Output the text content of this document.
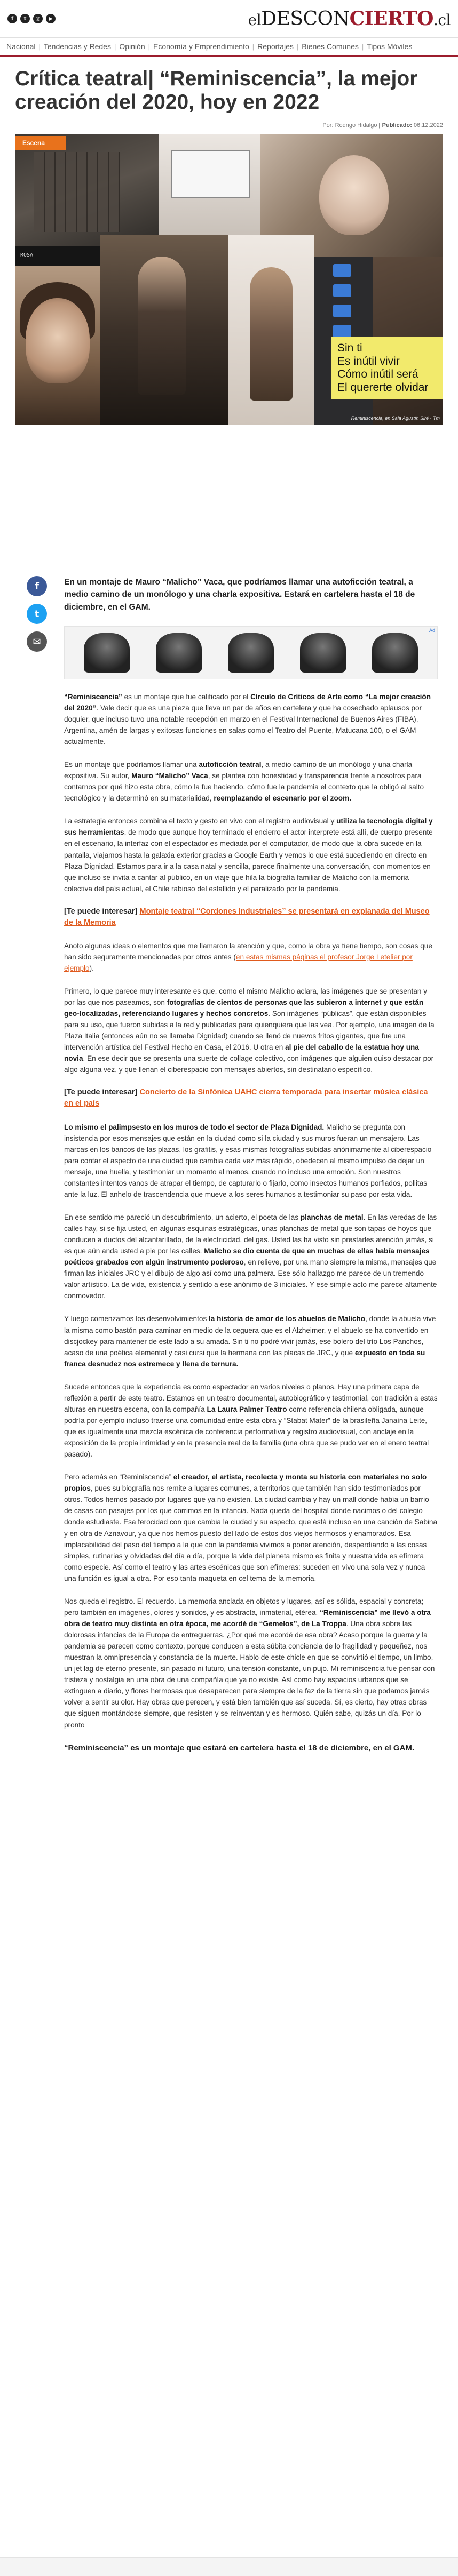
f	t	◎	▶	elDESCONCIERTO.cl
Nacional | Tendencias y Redes | Opinión | Economía y Emprendimiento | Reportajes | Bienes Comunes | Tipos Móviles
Crítica teatral| “Reminiscencia”, la mejor creación del 2020, hoy en 2022
Por: Rodrigo Hidalgo | Publicado: 06.12.2022
Escena
ROSA

Sin ti
Es inútil vivir
Cómo inútil será
El quererte olvidar

Reminiscencia, en Sala Agustín Siré · Tm
f
t
✉

En un montaje de Mauro “Malicho” Vaca, que podríamos llamar una autoficción teatral, a medio camino de un monólogo y una charla expositiva. Estará en cartelera hasta el 18 de diciembre, en el GAM.

Ad

“Reminiscencia” es un montaje que fue calificado por el Círculo de Críticos de Arte como “La mejor creación del 2020”. Vale decir que es una pieza que lleva un par de años en cartelera y que ha cosechado aplausos por doquier, que incluso tuvo una notable recepción en marzo en el Festival Internacional de Buenos Aires (FIBA), Argentina, amén de largas y exitosas funciones en salas como el Teatro del Puente, Matucana 100, o el GAM actualmente.

Es un montaje que podríamos llamar una autoficción teatral, a medio camino de un monólogo y una charla expositiva. Su autor, Mauro “Malicho” Vaca, se plantea con honestidad y transparencia frente a nosotros para contarnos por qué hizo esta obra, cómo la fue haciendo, cómo fue la pandemia el contexto que la obligó al salto tecnológico y la determinó en su materialidad, reemplazando el escenario por el zoom.

La estrategia entonces combina el texto y gesto en vivo con el registro audiovisual y utiliza la tecnología digital y sus herramientas, de modo que aunque hoy terminado el encierro el actor interprete está allí, de cuerpo presente en el escenario, la interfaz con el espectador es mediada por el computador, de modo que la obra sucede en la pantalla, viajamos hasta la galaxia exterior gracias a Google Earth y vemos lo que está sucediendo en directo en Plaza Dignidad. Estamos para ir a la casa natal y sencilla, parece finalmente una conversación, con momentos en que incluso se invita a cantar al público, en un viaje que hila la biografía familiar de Malicho con la memoria colectiva del país actual, el Chile rabioso del estallido y el paralizado por la pandemia.

[Te puede interesar] Montaje teatral “Cordones Industriales” se presentará en explanada del Museo de la Memoria

Anoto algunas ideas o elementos que me llamaron la atención y que, como la obra ya tiene tiempo, son cosas que han sido seguramente mencionadas por otros antes (en estas mismas páginas el profesor Jorge Letelier por ejemplo).

Primero, lo que parece muy interesante es que, como el mismo Malicho aclara, las imágenes que se presentan y por las que nos paseamos, son fotografías de cientos de personas que las subieron a internet y que están geo-localizadas, referenciando lugares y hechos concretos. Son imágenes “públicas”, que están disponibles para su uso, que fueron subidas a la red y publicadas para quienquiera que las vea. Por ejemplo, una imagen de la Plaza Italia (entonces aún no se llamaba Dignidad) cuando se llenó de nuevos fritos gigantes, que fue una intervención artística del Festival Hecho en Casa, el 2016. U otra en al pie del caballo de la estatua hoy una novia. En ese decir que se presenta una suerte de collage colectivo, con imágenes que alguien quiso destacar por algo alguna vez, y que llenan el ciberespacio con mensajes abiertos, sin destinatario específico.

[Te puede interesar] Concierto de la Sinfónica UAHC cierra temporada para insertar música clásica en el país

Lo mismo el palimpsesto en los muros de todo el sector de Plaza Dignidad. Malicho se pregunta con insistencia por esos mensajes que están en la ciudad como si la ciudad y sus muros fueran un mensajero. Las marcas en los bancos de las plazas, los grafitis, y esas mismas fotografías subidas anónimamente al ciberespacio para contar el aspecto de una ciudad que cambia cada vez más rápido, obedecen al mismo impulso de dejar un mensaje, una huella, y testimoniar un momento al menos, cuando no incluso una emoción. Son nuestros constantes intentos vanos de atrapar el tiempo, de capturarlo o fijarlo, como insectos humanos porfiados, pollitas ante la luz. El anhelo de trascendencia que mueve a los seres humanos a testimoniar su paso por esta vida.

En ese sentido me pareció un descubrimiento, un acierto, el poeta de las planchas de metal. En las veredas de las calles hay, si se fija usted, en algunas esquinas estratégicas, unas planchas de metal que son tapas de hoyos que conducen a ductos del alcantarillado, de la electricidad, del gas. Usted las ha visto sin prestarles atención jamás, si es que aún anda usted a pie por las calles. Malicho se dio cuenta de que en muchas de ellas había mensajes poéticos grabados con algún instrumento poderoso, en relieve, por una mano siempre la misma, mensajes que firman las iniciales JRC y el dibujo de algo así como una palmera. Ese sólo hallazgo me parece de un tremendo valor artístico. La de vida, existencia y sentido a ese anónimo de 3 iniciales. Y ese simple acto me parece altamente conmovedor.

Y luego comenzamos los desenvolvimientos la historia de amor de los abuelos de Malicho, donde la abuela vive la misma como bastón para caminar en medio de la ceguera que es el Alzheimer, y el abuelo se ha convertido en discjockey para mantener de este lado a su amada. Sin ti no podré vivir jamás, ese bolero del trío Los Panchos, acaso de una poética elemental y casi cursi que la hermana con las placas de JRC, y que expuesto en toda su franca desnudez nos estremece y llena de ternura.

Sucede entonces que la experiencia es como espectador en varios niveles o planos. Hay una primera capa de reflexión a partir de este teatro. Estamos en un teatro documental, autobiográfico y testimonial, con tradición a estas alturas en nuestra escena, con la compañía La Laura Palmer Teatro como referencia chilena obligada, aunque podría por ejemplo incluso traerse una comunidad entre esta obra y “Stabat Mater” de la brasileña Janaína Leite, que es igualmente una mezcla escénica de conferencia performativa y registro audiovisual, con anclaje en la exposición de la propia intimidad y en la presencia real de la familia (una obra que se pudo ver en el enero teatral pasado).

Pero además en “Reminiscencia” el creador, el artista, recolecta y monta su historia con materiales no solo propios, pues su biografía nos remite a lugares comunes, a territorios que también han sido testimoniados por otros. Todos hemos pasado por lugares que ya no existen. La ciudad cambia y hay un mall donde había un barrio de casas con pasajes por los que corrimos en la infancia. Nada queda del hospital donde nacimos o del colegio donde estudiaste. Esa ferocidad con que cambia la ciudad y su aspecto, que está incluso en una canción de Sabina y en otra de Aznavour, ya que nos hemos puesto del lado de estos dos viejos hermosos y enamorados. Esa implacabilidad del paso del tiempo a la que con la pandemia vivimos a poner atención, desperdiando a las cosas simples, rutinarias y olvidadas del día a día, porque la vida del planeta mismo es finita y nuestra vida es efímera como especie. Así como el teatro y las artes escénicas que son efímeras: suceden en vivo una sola vez y nunca una función es igual a otra. Por eso tanta maqueta en cel tema de la memoria.

Nos queda el registro. El recuerdo. La memoria anclada en objetos y lugares, así es sólida, espacial y concreta; pero también en imágenes, olores y sonidos, y es abstracta, inmaterial, etérea. “Reminiscencia” me llevó a otra obra de teatro muy distinta en otra época, me acordé de “Gemelos”, de La Troppa. Una obra sobre las dolorosas infancias de la Europa de entreguerras. ¿Por qué me acordé de esa obra? Acaso porque la guerra y la pandemia se parecen como contexto, porque conducen a esta súbita conciencia de lo fragilidad y pequeñez, nos muestran la omnipresencia y constancia de la muerte. Hablo de este chicle en que se convirtió el tiempo, un limbo, un jet lag de eterno presente, sin pasado ni futuro, una tensión constante, un pujo. Mi reminiscencia fue pensar con tristeza y nostalgia en una obra de una compañía que ya no existe. Así como hay espacios urbanos que se extinguen a diario, y flores hermosas que desaparecen para siempre de la faz de la tierra sin que podamos jamás volver a sentir su olor. Hay obras que perecen, y está bien también que así suceda. Sí, es cierto, hay otras obras que siguen montándose siempre, que resisten y se reinventan y es hermoso. Quién sabe, quizás un día. Por lo pronto

“Reminiscencia” es un montaje que estará en cartelera hasta el 18 de diciembre, en el GAM.
